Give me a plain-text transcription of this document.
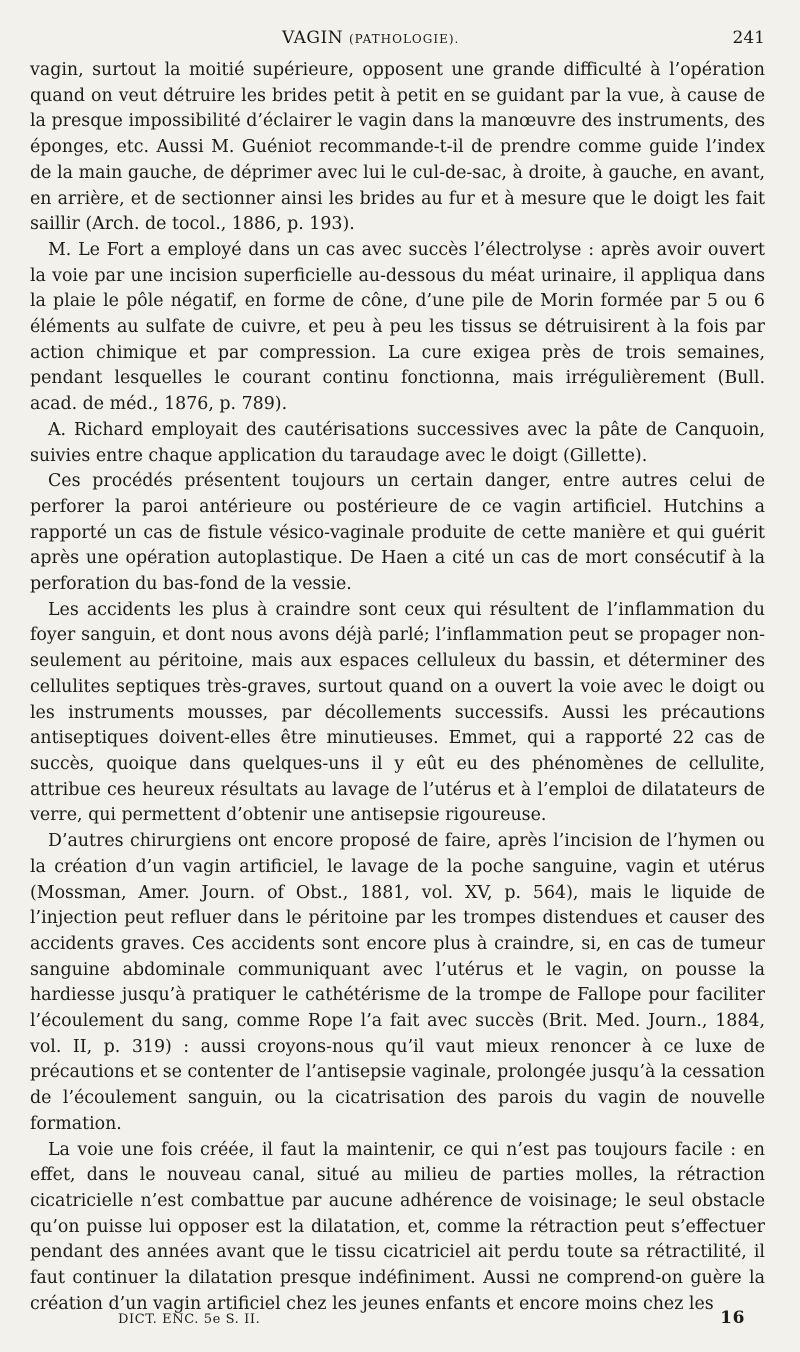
VAGIN (PATHOLOGIE).	241

vagin, surtout la moitié supérieure, opposent une grande difficulté à l’opération quand on veut détruire les brides petit à petit en se guidant par la vue, à cause de la presque impossibilité d’éclairer le vagin dans la manœuvre des instruments, des éponges, etc. Aussi M. Guéniot recommande-t-il de prendre comme guide l’index de la main gauche, de déprimer avec lui le cul-de-sac, à droite, à gauche, en avant, en arrière, et de sectionner ainsi les brides au fur et à mesure que le doigt les fait saillir (Arch. de tocol., 1886, p. 193).

M. Le Fort a employé dans un cas avec succès l’électrolyse : après avoir ouvert la voie par une incision superficielle au-dessous du méat urinaire, il appliqua dans la plaie le pôle négatif, en forme de cône, d’une pile de Morin formée par 5 ou 6 éléments au sulfate de cuivre, et peu à peu les tissus se détruisirent à la fois par action chimique et par compression. La cure exigea près de trois semaines, pendant lesquelles le courant continu fonctionna, mais irrégulièrement (Bull. acad. de méd., 1876, p. 789).

A. Richard employait des cautérisations successives avec la pâte de Canquoin, suivies entre chaque application du taraudage avec le doigt (Gillette).

Ces procédés présentent toujours un certain danger, entre autres celui de perforer la paroi antérieure ou postérieure de ce vagin artificiel. Hutchins a rapporté un cas de fistule vésico-vaginale produite de cette manière et qui guérit après une opération autoplastique. De Haen a cité un cas de mort consécutif à la perforation du bas-fond de la vessie.

Les accidents les plus à craindre sont ceux qui résultent de l’inflammation du foyer sanguin, et dont nous avons déjà parlé; l’inflammation peut se propager non-seulement au péritoine, mais aux espaces celluleux du bassin, et déterminer des cellulites septiques très-graves, surtout quand on a ouvert la voie avec le doigt ou les instruments mousses, par décollements successifs. Aussi les précautions antiseptiques doivent-elles être minutieuses. Emmet, qui a rapporté 22 cas de succès, quoique dans quelques-uns il y eût eu des phénomènes de cellulite, attribue ces heureux résultats au lavage de l’utérus et à l’emploi de dilatateurs de verre, qui permettent d’obtenir une antisepsie rigoureuse.

D’autres chirurgiens ont encore proposé de faire, après l’incision de l’hymen ou la création d’un vagin artificiel, le lavage de la poche sanguine, vagin et utérus (Mossman, Amer. Journ. of Obst., 1881, vol. XV, p. 564), mais le liquide de l’injection peut refluer dans le péritoine par les trompes distendues et causer des accidents graves. Ces accidents sont encore plus à craindre, si, en cas de tumeur sanguine abdominale communiquant avec l’utérus et le vagin, on pousse la hardiesse jusqu’à pratiquer le cathétérisme de la trompe de Fallope pour faciliter l’écoulement du sang, comme Rope l’a fait avec succès (Brit. Med. Journ., 1884, vol. II, p. 319) : aussi croyons-nous qu’il vaut mieux renoncer à ce luxe de précautions et se contenter de l’antisepsie vaginale, prolongée jusqu’à la cessation de l’écoulement sanguin, ou la cicatrisation des parois du vagin de nouvelle formation.

La voie une fois créée, il faut la maintenir, ce qui n’est pas toujours facile : en effet, dans le nouveau canal, situé au milieu de parties molles, la rétraction cicatricielle n’est combattue par aucune adhérence de voisinage; le seul obstacle qu’on puisse lui opposer est la dilatation, et, comme la rétraction peut s’effectuer pendant des années avant que le tissu cicatriciel ait perdu toute sa rétractilité, il faut continuer la dilatation presque indéfiniment. Aussi ne comprend-on guère la création d’un vagin artificiel chez les jeunes enfants et encore moins chez les

DICT. ENC. 5e S. II.	16
